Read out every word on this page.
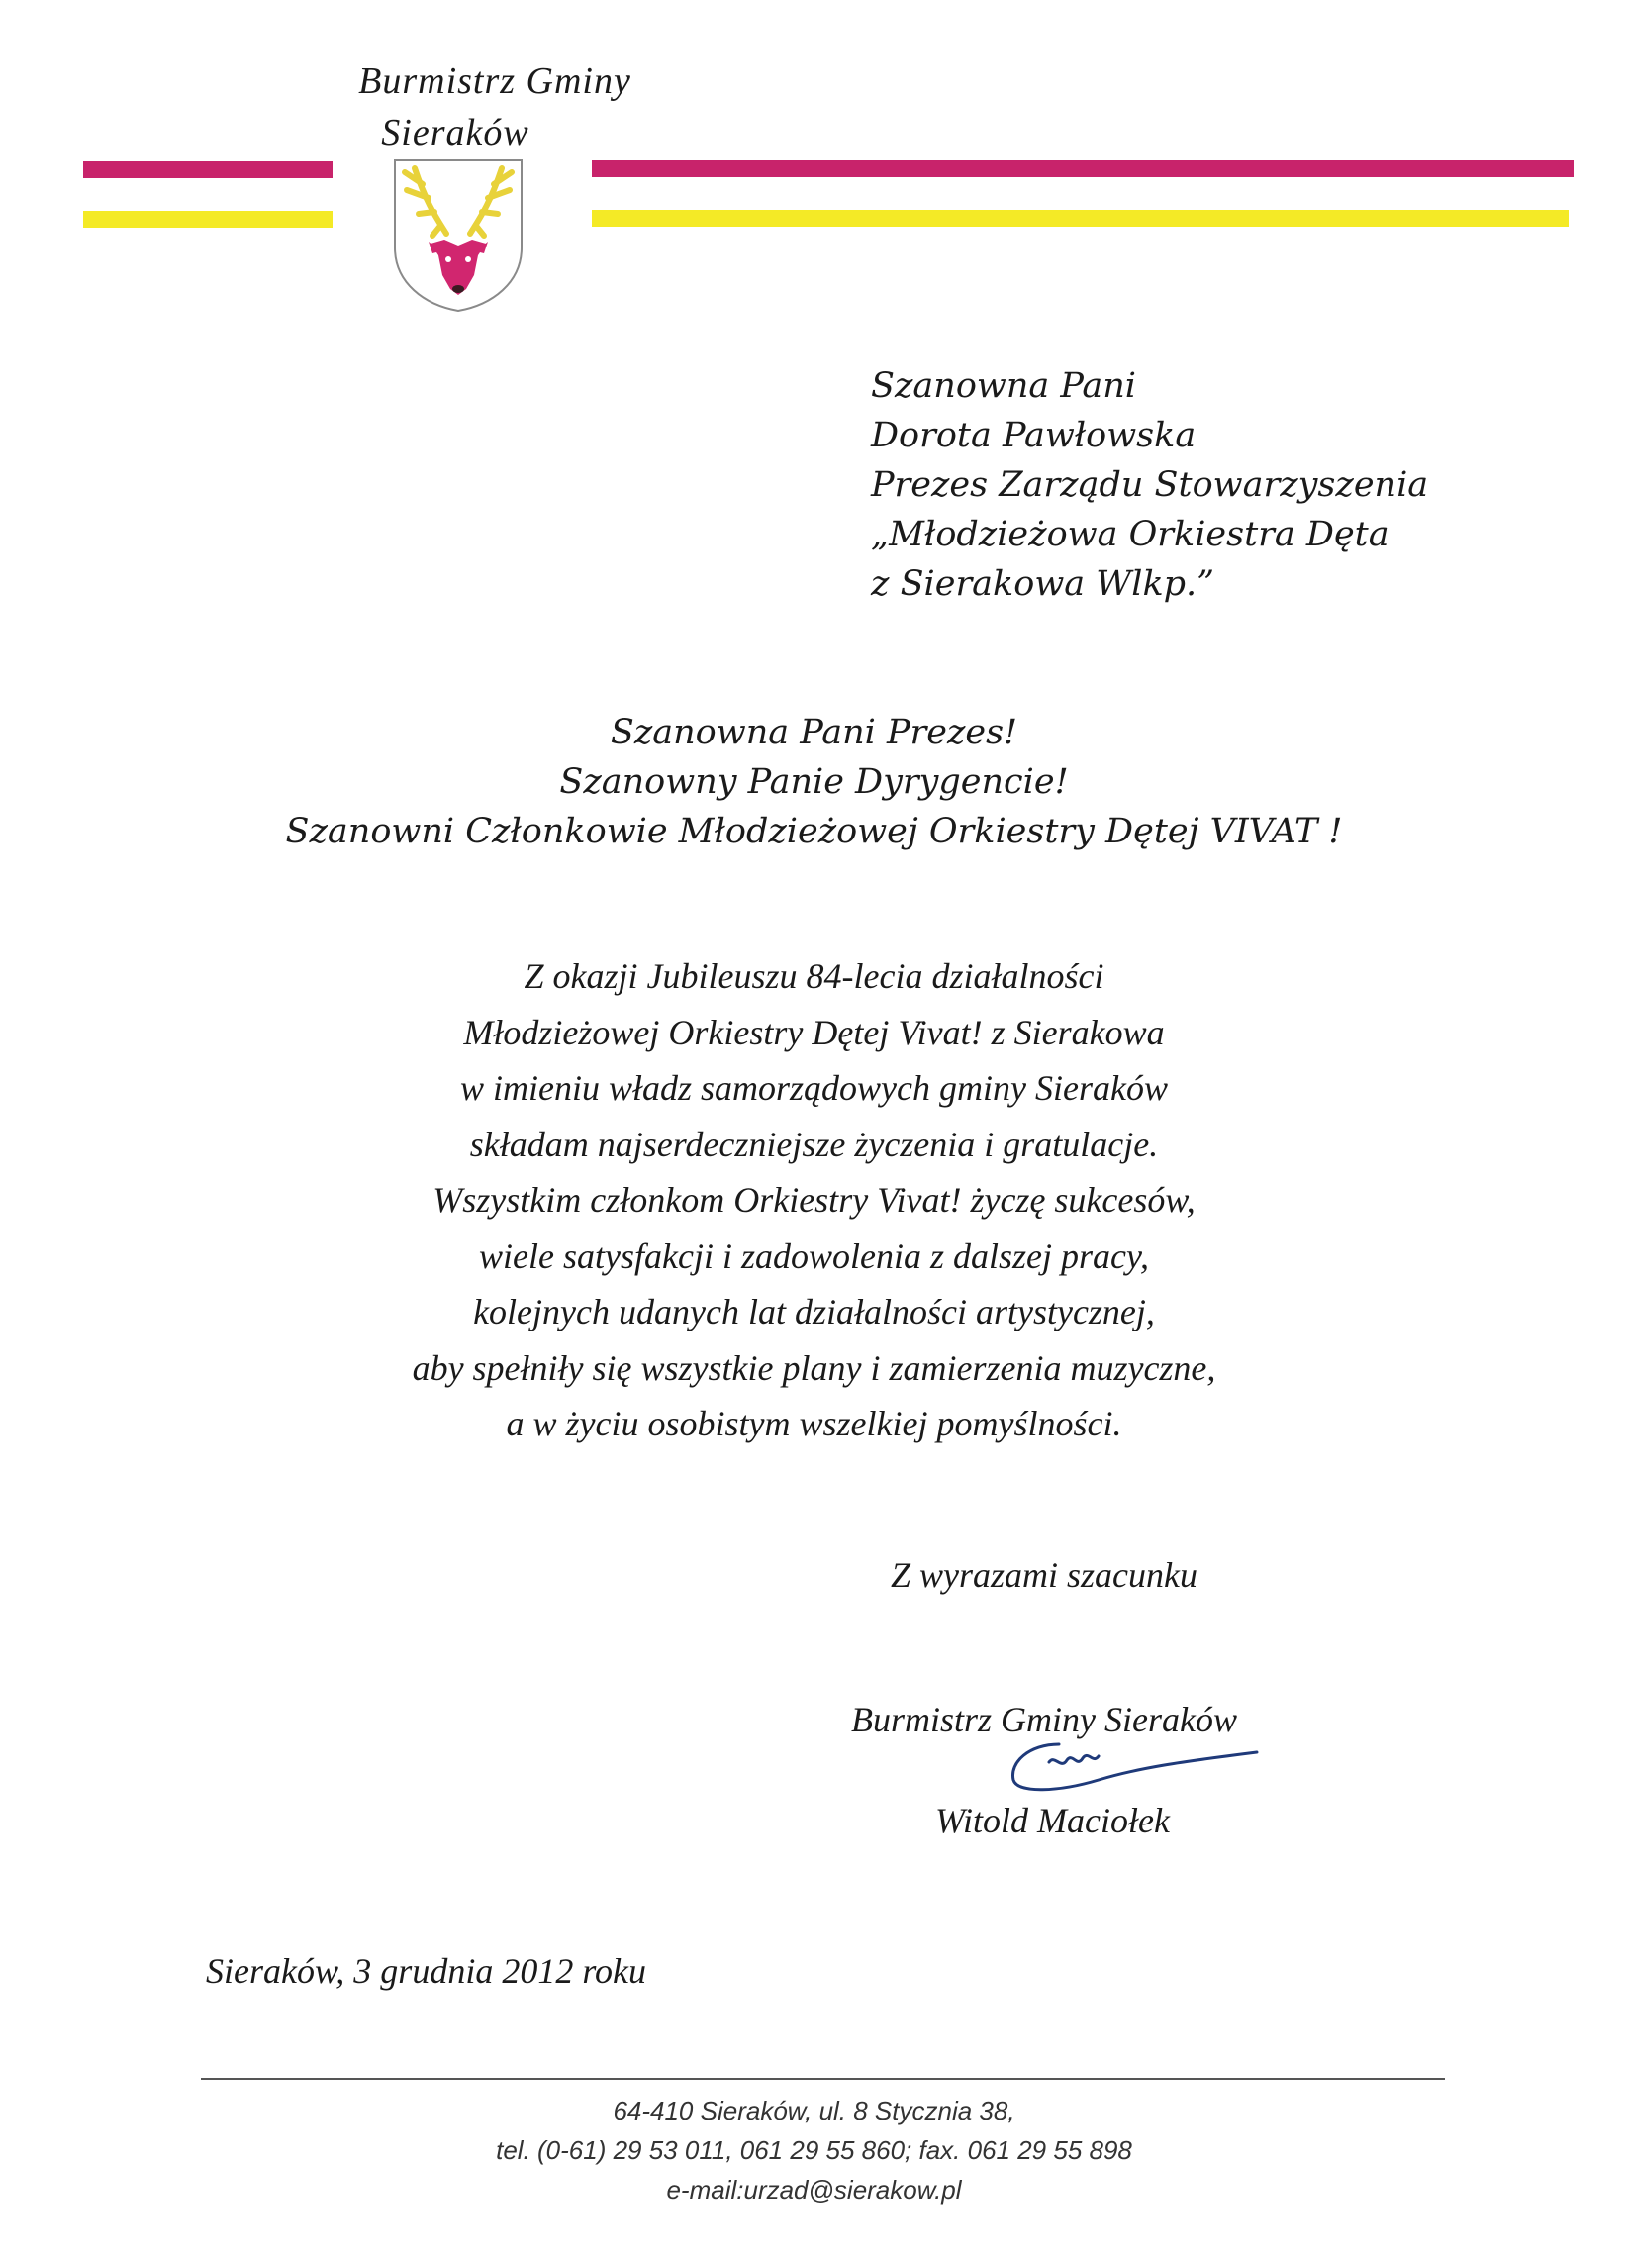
Burmistrz Gminy
Sieraków
Szanowna Pani
Dorota Pawłowska
Prezes Zarządu Stowarzyszenia
„Młodzieżowa Orkiestra Dęta
z Sierakowa Wlkp.”
Szanowna Pani Prezes!
Szanowny Panie Dyrygencie!
Szanowni Członkowie Młodzieżowej Orkiestry Dętej VIVAT !
Z okazji Jubileuszu 84-lecia działalności
Młodzieżowej Orkiestry Dętej Vivat! z Sierakowa
w imieniu władz samorządowych gminy Sieraków
składam najserdeczniejsze życzenia i gratulacje.
Wszystkim członkom Orkiestry Vivat! życzę sukcesów,
wiele satysfakcji i zadowolenia z dalszej pracy,
kolejnych udanych lat działalności artystycznej,
aby spełniły się wszystkie plany i zamierzenia muzyczne,
a w życiu osobistym wszelkiej pomyślności.
Z wyrazami szacunku
Burmistrz Gminy Sieraków
Witold Maciołek
Sieraków, 3 grudnia 2012 roku
64-410 Sieraków, ul. 8 Stycznia 38,
tel. (0-61) 29 53 011, 061 29 55 860; fax. 061 29 55 898
e-mail:urzad@sierakow.pl
